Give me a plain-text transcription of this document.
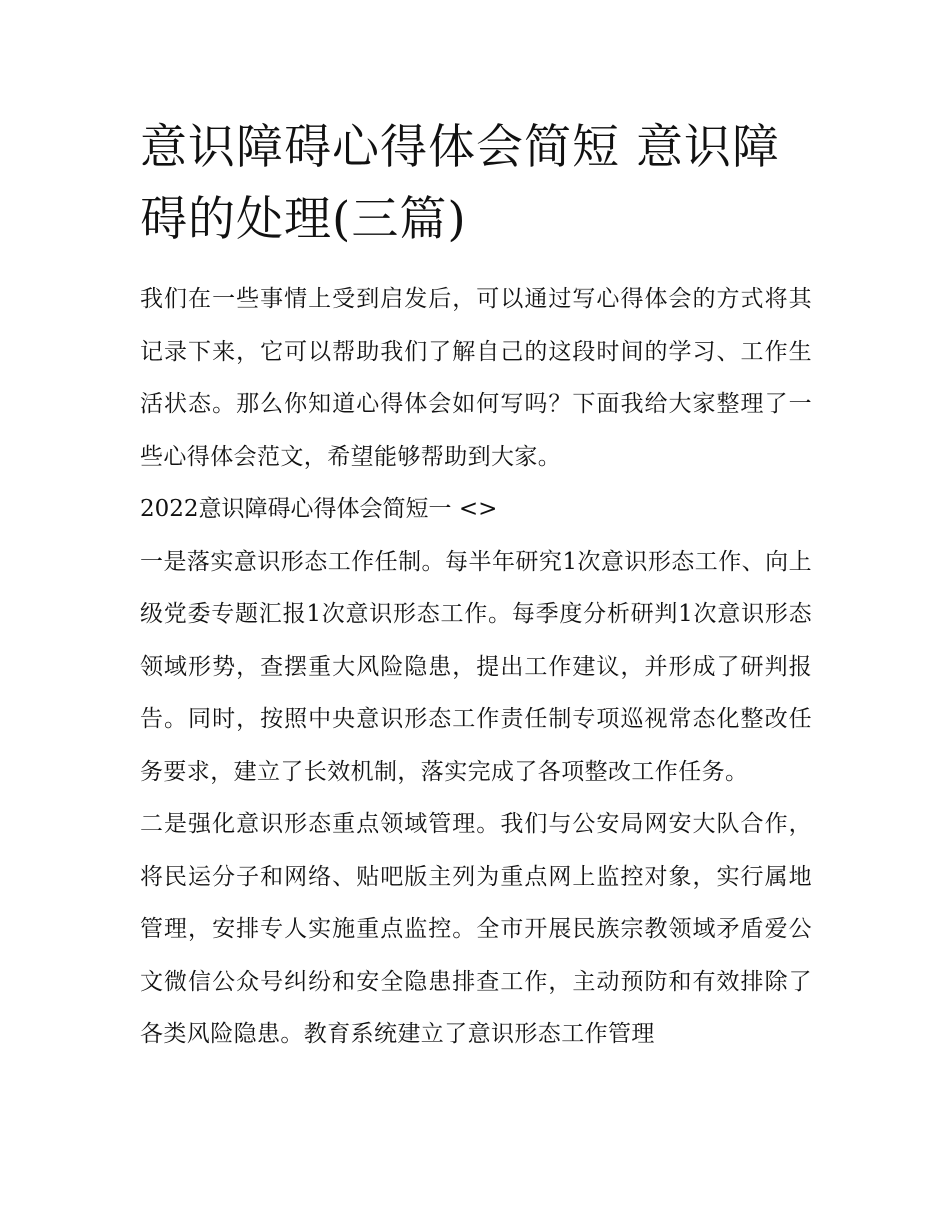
意识障碍心得体会简短 意识障碍的处理(三篇)

我们在一些事情上受到启发后，可以通过写心得体会的方式将其记录下来，它可以帮助我们了解自己的这段时间的学习、工作生活状态。那么你知道心得体会如何写吗？下面我给大家整理了一些心得体会范文，希望能够帮助到大家。

2022意识障碍心得体会简短一 <>

一是落实意识形态工作任制。每半年研究1次意识形态工作、向上级党委专题汇报1次意识形态工作。每季度分析研判1次意识形态领域形势，查摆重大风险隐患，提出工作建议，并形成了研判报告。同时，按照中央意识形态工作责任制专项巡视常态化整改任务要求，建立了长效机制，落实完成了各项整改工作任务。

二是强化意识形态重点领域管理。我们与公安局网安大队合作，将民运分子和网络、贴吧版主列为重点网上监控对象，实行属地管理，安排专人实施重点监控。全市开展民族宗教领域矛盾爱公文微信公众号纠纷和安全隐患排查工作，主动预防和有效排除了各类风险隐患。教育系统建立了意识形态工作管理
